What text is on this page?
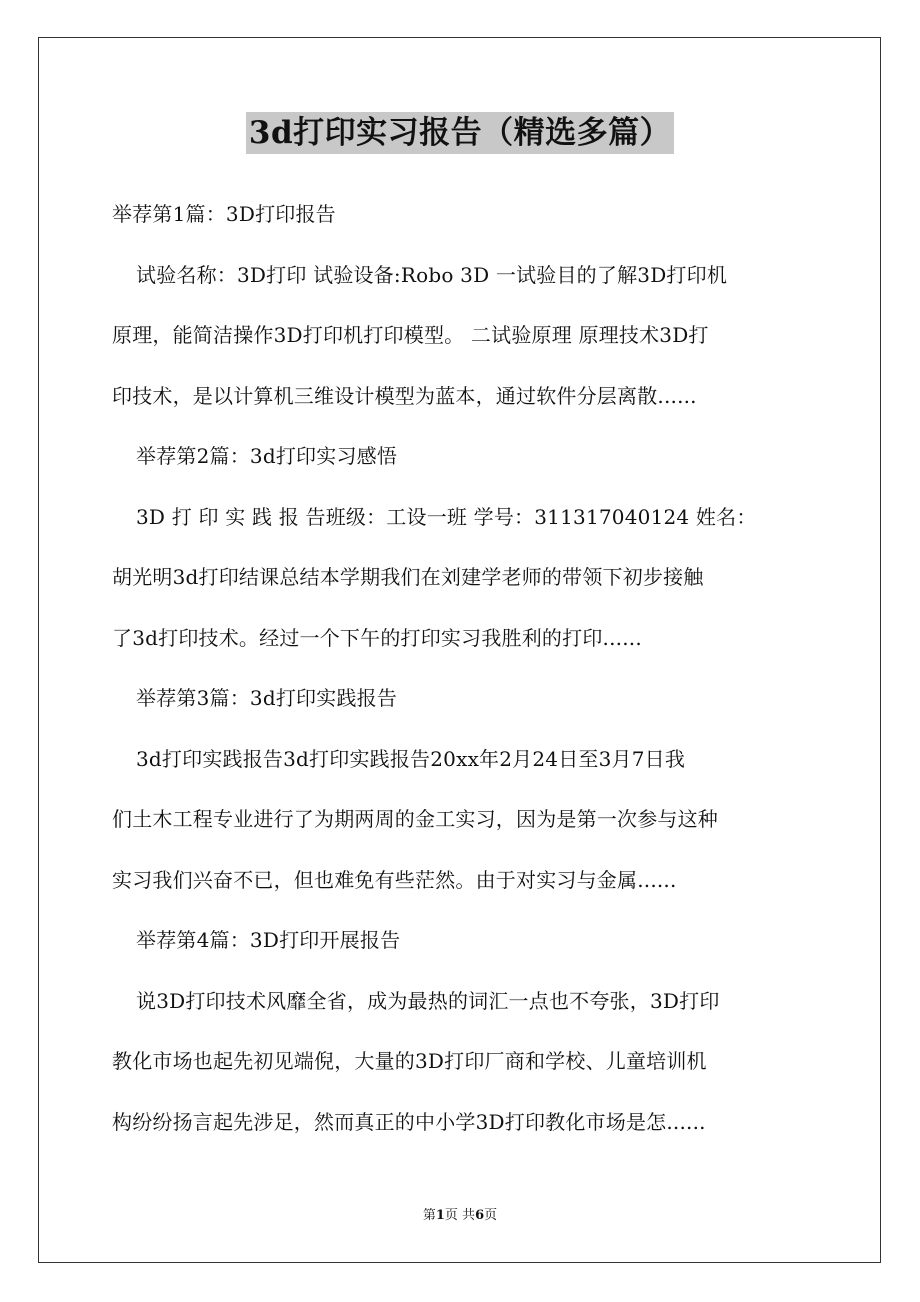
3d打印实习报告（精选多篇）
举荐第1篇：3D打印报告
试验名称：3D打印 试验设备:Robo 3D 一试验目的了解3D打印机
原理，能简洁操作3D打印机打印模型。 二试验原理 原理技术3D打
印技术，是以计算机三维设计模型为蓝本，通过软件分层离散......
举荐第2篇：3d打印实习感悟
3D 打 印 实 践 报 告班级：工设一班 学号：311317040124 姓名：
胡光明3d打印结课总结本学期我们在刘建学老师的带领下初步接触
了3d打印技术。经过一个下午的打印实习我胜利的打印......
举荐第3篇：3d打印实践报告
3d打印实践报告3d打印实践报告20xx年2月24日至3月7日我
们土木工程专业进行了为期两周的金工实习，因为是第一次参与这种
实习我们兴奋不已，但也难免有些茫然。由于对实习与金属......
举荐第4篇：3D打印开展报告
说3D打印技术风靡全省，成为最热的词汇一点也不夸张，3D打印
教化市场也起先初见端倪，大量的3D打印厂商和学校、儿童培训机
构纷纷扬言起先涉足，然而真正的中小学3D打印教化市场是怎......
第1页 共6页
